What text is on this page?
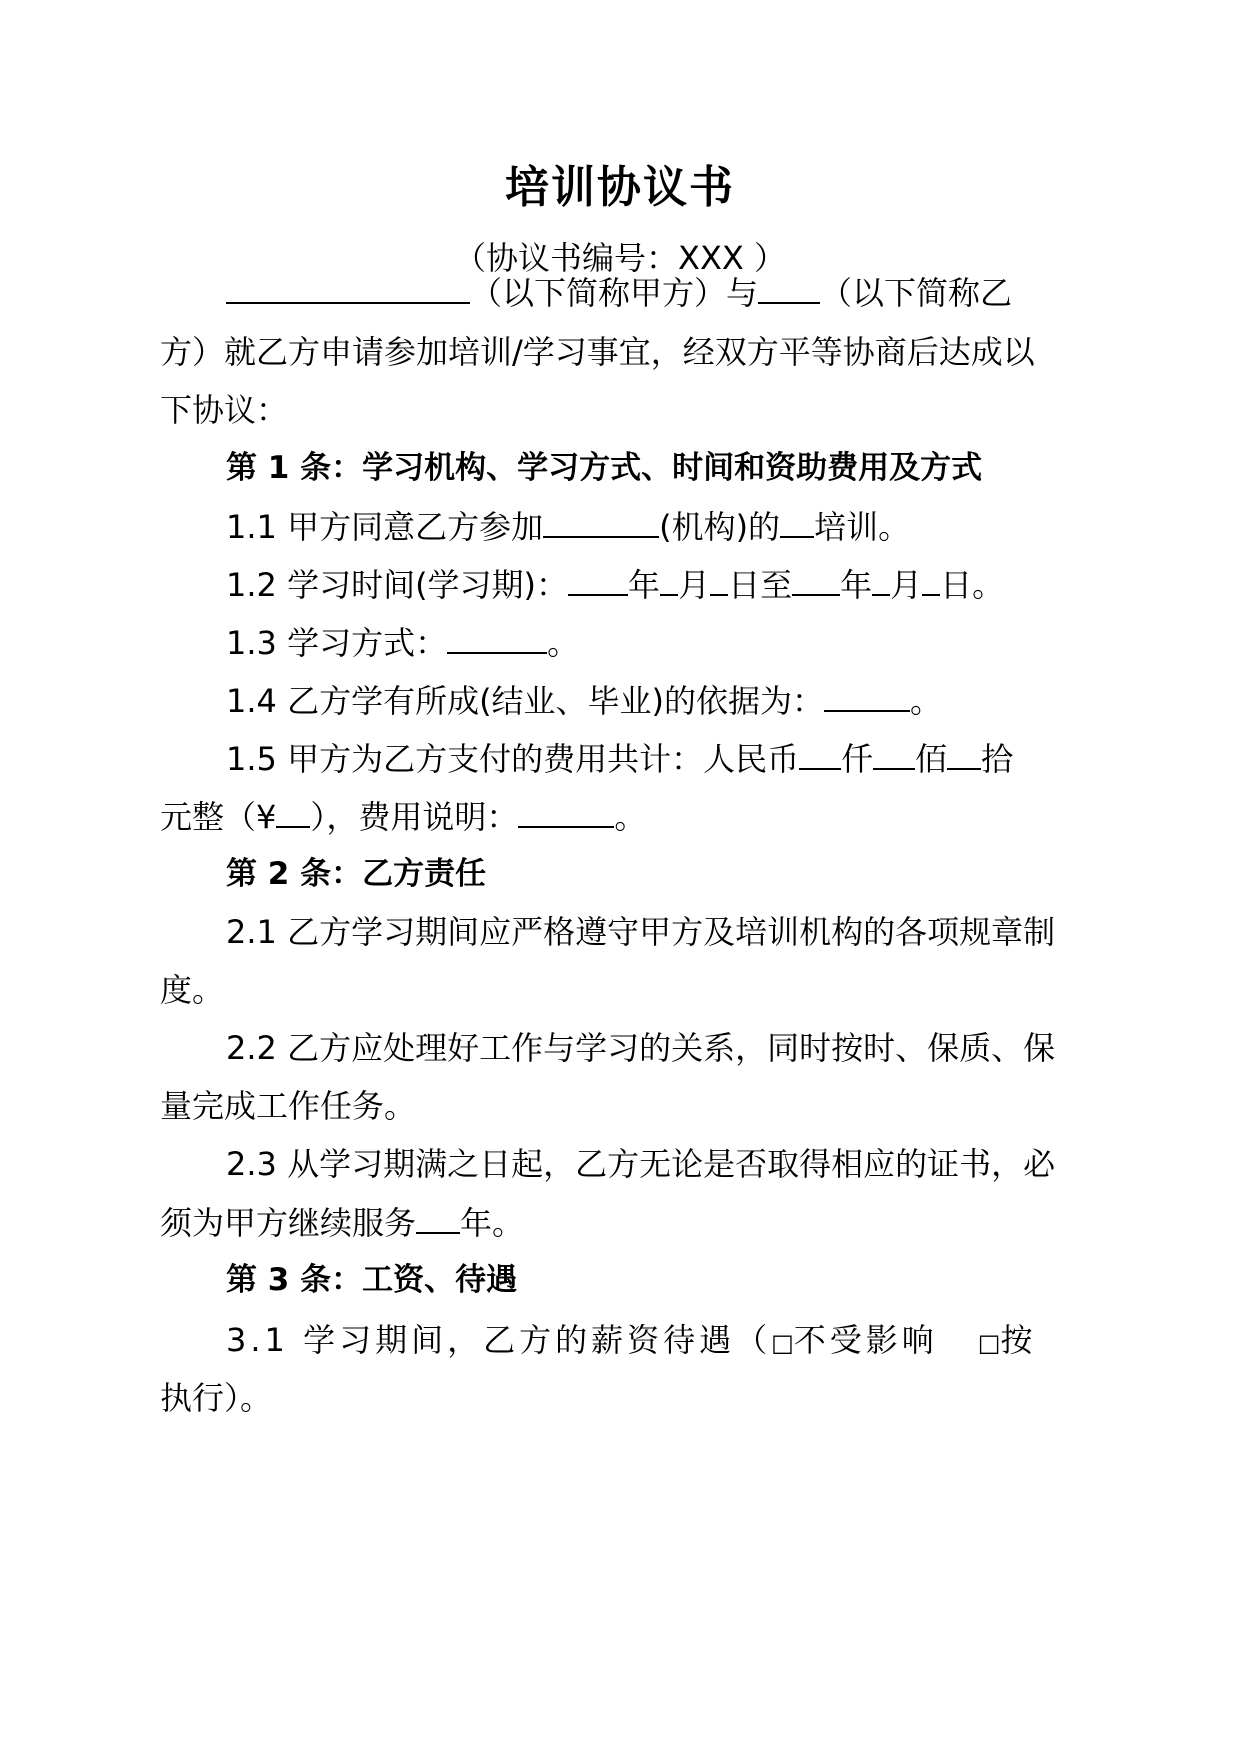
培训协议书
（协议书编号：XXX ）
（以下简称甲方）与 （以下简称乙
方）就乙方申请参加培训/学习事宜，经双方平等协商后达成以
下协议：
第 1 条：学习机构、学习方式、时间和资助费用及方式
1.1 甲方同意乙方参加	(机构)的 培训。
1.2 学习时间(学习期)： 年 月 日至 年 月 日。
1.3 学习方式：	。
1.4 乙方学有所成(结业、毕业)的依据为：	。
1.5 甲方为乙方支付的费用共计：人民币 仟 佰 拾
元整（¥ ），费用说明：	。
第 2 条：乙方责任
2.1 乙方学习期间应严格遵守甲方及培训机构的各项规章制
度。
2.2 乙方应处理好工作与学习的关系，同时按时、保质、保
量完成工作任务。
2.3 从学习期满之日起，乙方无论是否取得相应的证书，必
须为甲方继续服务 年。
第 3 条：工资、待遇
3.1 学习期间，乙方的薪资待遇（□不受影响 □按
执行）。
